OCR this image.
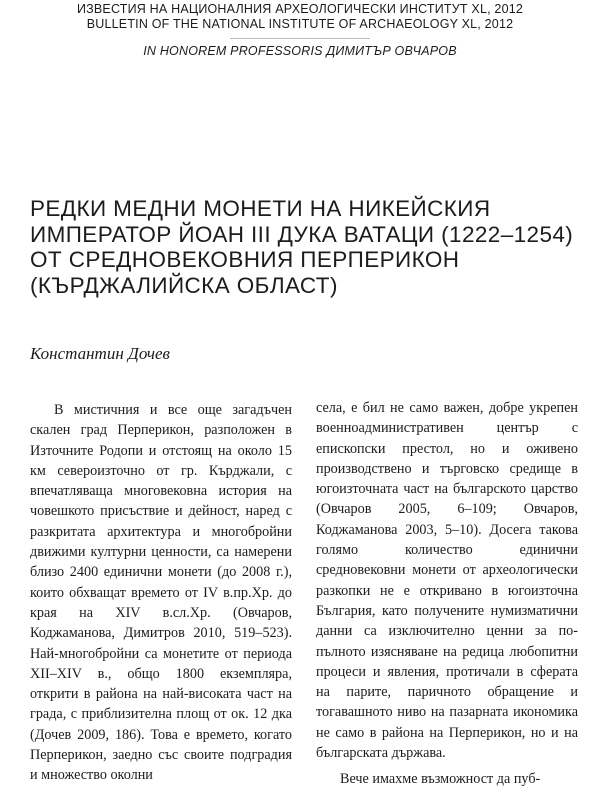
ИЗВЕСТИЯ НА НАЦИОНАЛНИЯ АРХЕОЛОГИЧЕСКИ ИНСТИТУТ XL, 2012
BULLETIN OF THE NATIONAL INSTITUTE OF ARCHAEOLOGY XL, 2012
IN HONOREM PROFESSORIS ДИМИТЪР ОВЧАРОВ
РЕДКИ МЕДНИ МОНЕТИ НА НИКЕЙСКИЯ ИМПЕРАТОР ЙОАН III ДУКА ВАТАЦИ (1222–1254) ОТ СРЕДНОВЕКОВНИЯ ПЕРПЕРИКОН (КЪРДЖАЛИЙСКА ОБЛАСТ)
Константин Дочев

В мистичния и все още загадъчен скален град Перперикон, разположен в Източните Родопи и отстоящ на около 15 км североизточно от гр. Кърджали, с впечатляваща многовековна история на човешкото присъствие и дейност, наред с разкритата архитектура и многобройни движими културни ценности, са намерени близо 2400 единични монети (до 2008 г.), които обхващат времето от IV в.пр.Хр. до края на XIV в.сл.Хр. (Овчаров, Коджаманова, Димитров 2010, 519–523). Най-многобройни са монетите от периода XII–XIV в., общо 1800 екземпляра, открити в района на най-високата част на града, с приблизителна площ от ок. 12 дка (Дочев 2009, 186). Това е времето, когато Перперикон, заедно със своите подградия и множество околни

села, е бил не само важен, добре укрепен военноадминистративен център с епископски престол, но и оживено производствено и търговско средище в югоизточната част на българското царство (Овчаров 2005, 6–109; Овчаров, Коджаманова 2003, 5–10). Досега такова голямо количество единични средновековни монети от археологически разкопки не е откривано в югоизточна България, като получените нумизматични данни са изключително ценни за по-пълното изясняване на редица любопитни процеси и явления, протичали в сферата на парите, паричното обращение и тогавашното ниво на пазарната икономика не само в района на Перперикон, но и на българската държава.

Вече имахме възможност да пуб-
